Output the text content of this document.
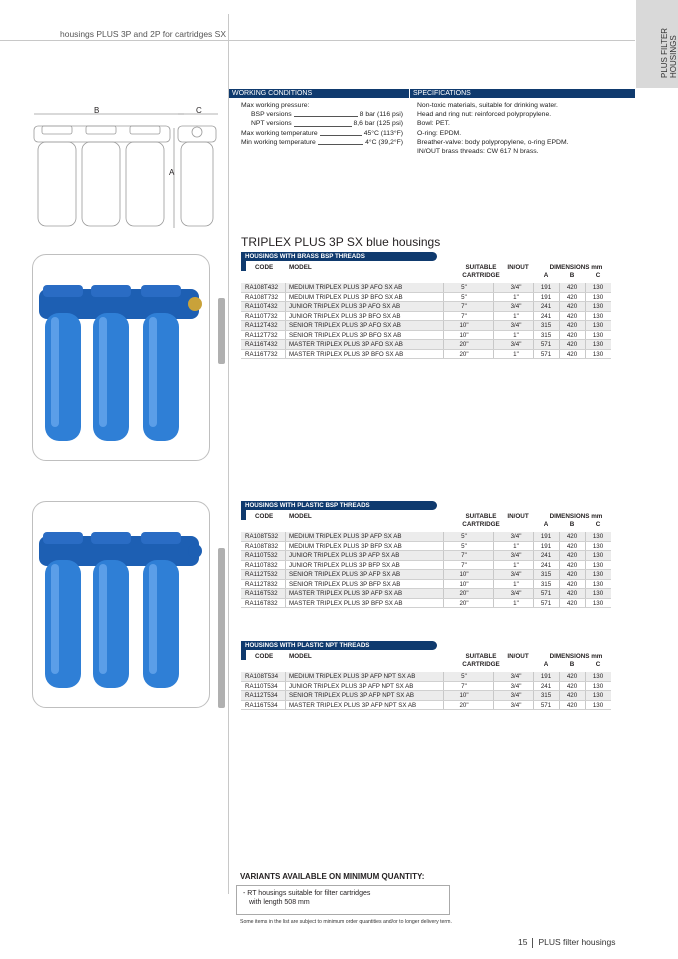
housings PLUS 3P and 2P for cartridges SX	PLUS FILTER HOUSINGS
B	C
A
WORKING CONDITIONS	SPECIFICATIONS
Max working pressure:
BSP versions	8 bar (116 psi)
NPT versions	8,6 bar (125 psi)
Max working temperature	45°C (113°F)
Min working temperature	4°C (39,2°F)
Non-toxic materials, suitable for drinking water.
Head and ring nut: reinforced polypropylene.
Bowl: PET.
O-ring: EPDM.
Breather-valve: body polypropylene, o-ring EPDM.
IN/OUT brass threads: CW 617 N brass.
TRIPLEX PLUS 3P SX blue housings
HOUSINGS WITH BRASS BSP THREADS
CODE	MODEL	SUITABLE
CARTRIDGE
IN/OUT	DIMENSIONS mm
A	B	C
RA108T432 MEDIUM TRIPLEX PLUS 3P AFO SX AB	5"	3/4"	191	420	130
RA108T732 MEDIUM TRIPLEX PLUS 3P BFO SX AB	5"	1"	191	420	130
RA110T432 JUNIOR TRIPLEX PLUS 3P AFO SX AB	7"	3/4"	241	420	130
RA110T732 JUNIOR TRIPLEX PLUS 3P BFO SX AB	7"	1"	241	420	130
RA112T432 SENIOR TRIPLEX PLUS 3P AFO SX AB	10"	3/4"	315	420	130
RA112T732 SENIOR TRIPLEX PLUS 3P BFO SX AB	10"	1"	315	420	130
RA116T432 MASTER TRIPLEX PLUS 3P AFO SX AB	20"	3/4"	571	420	130
RA116T732 MASTER TRIPLEX PLUS 3P BFO SX AB	20"	1"	571	420	130
HOUSINGS WITH PLASTIC BSP THREADS
CODE	MODEL	SUITABLE
CARTRIDGE
IN/OUT	DIMENSIONS mm
A	B	C
RA108T532 MEDIUM TRIPLEX PLUS 3P AFP SX AB	5"	3/4"	191	420	130
RA108T832 MEDIUM TRIPLEX PLUS 3P BFP SX AB	5"	1"	191	420	130
RA110T532 JUNIOR TRIPLEX PLUS 3P AFP SX AB	7"	3/4"	241	420	130
RA110T832 JUNIOR TRIPLEX PLUS 3P BFP SX AB	7"	1"	241	420	130
RA112T532 SENIOR TRIPLEX PLUS 3P AFP SX AB	10"	3/4"	315	420	130
RA112T832 SENIOR TRIPLEX PLUS 3P BFP SX AB	10"	1"	315	420	130
RA116T532 MASTER TRIPLEX PLUS 3P AFP SX AB	20"	3/4"	571	420	130
RA116T832 MASTER TRIPLEX PLUS 3P BFP SX AB	20"	1"	571	420	130
HOUSINGS WITH PLASTIC NPT THREADS
CODE	MODEL	SUITABLE
CARTRIDGE
IN/OUT	DIMENSIONS mm
A	B	C
RA108T534 MEDIUM TRIPLEX PLUS 3P AFP NPT SX AB	5"	3/4"	191	420	130
RA110T534 JUNIOR TRIPLEX PLUS 3P AFP NPT SX AB	7"	3/4"	241	420	130
RA112T534 SENIOR TRIPLEX PLUS 3P AFP NPT SX AB	10"	3/4"	315	420	130
RA116T534 MASTER TRIPLEX PLUS 3P AFP NPT SX AB	20"	3/4"	571	420	130
VARIANTS AVAILABLE ON MINIMUM QUANTITY:
- RT housings suitable for filter cartridges
with length 508 mm
Some items in the list are subject to minimum order quantities and/or to longer delivery term.
15 PLUS filter housings
